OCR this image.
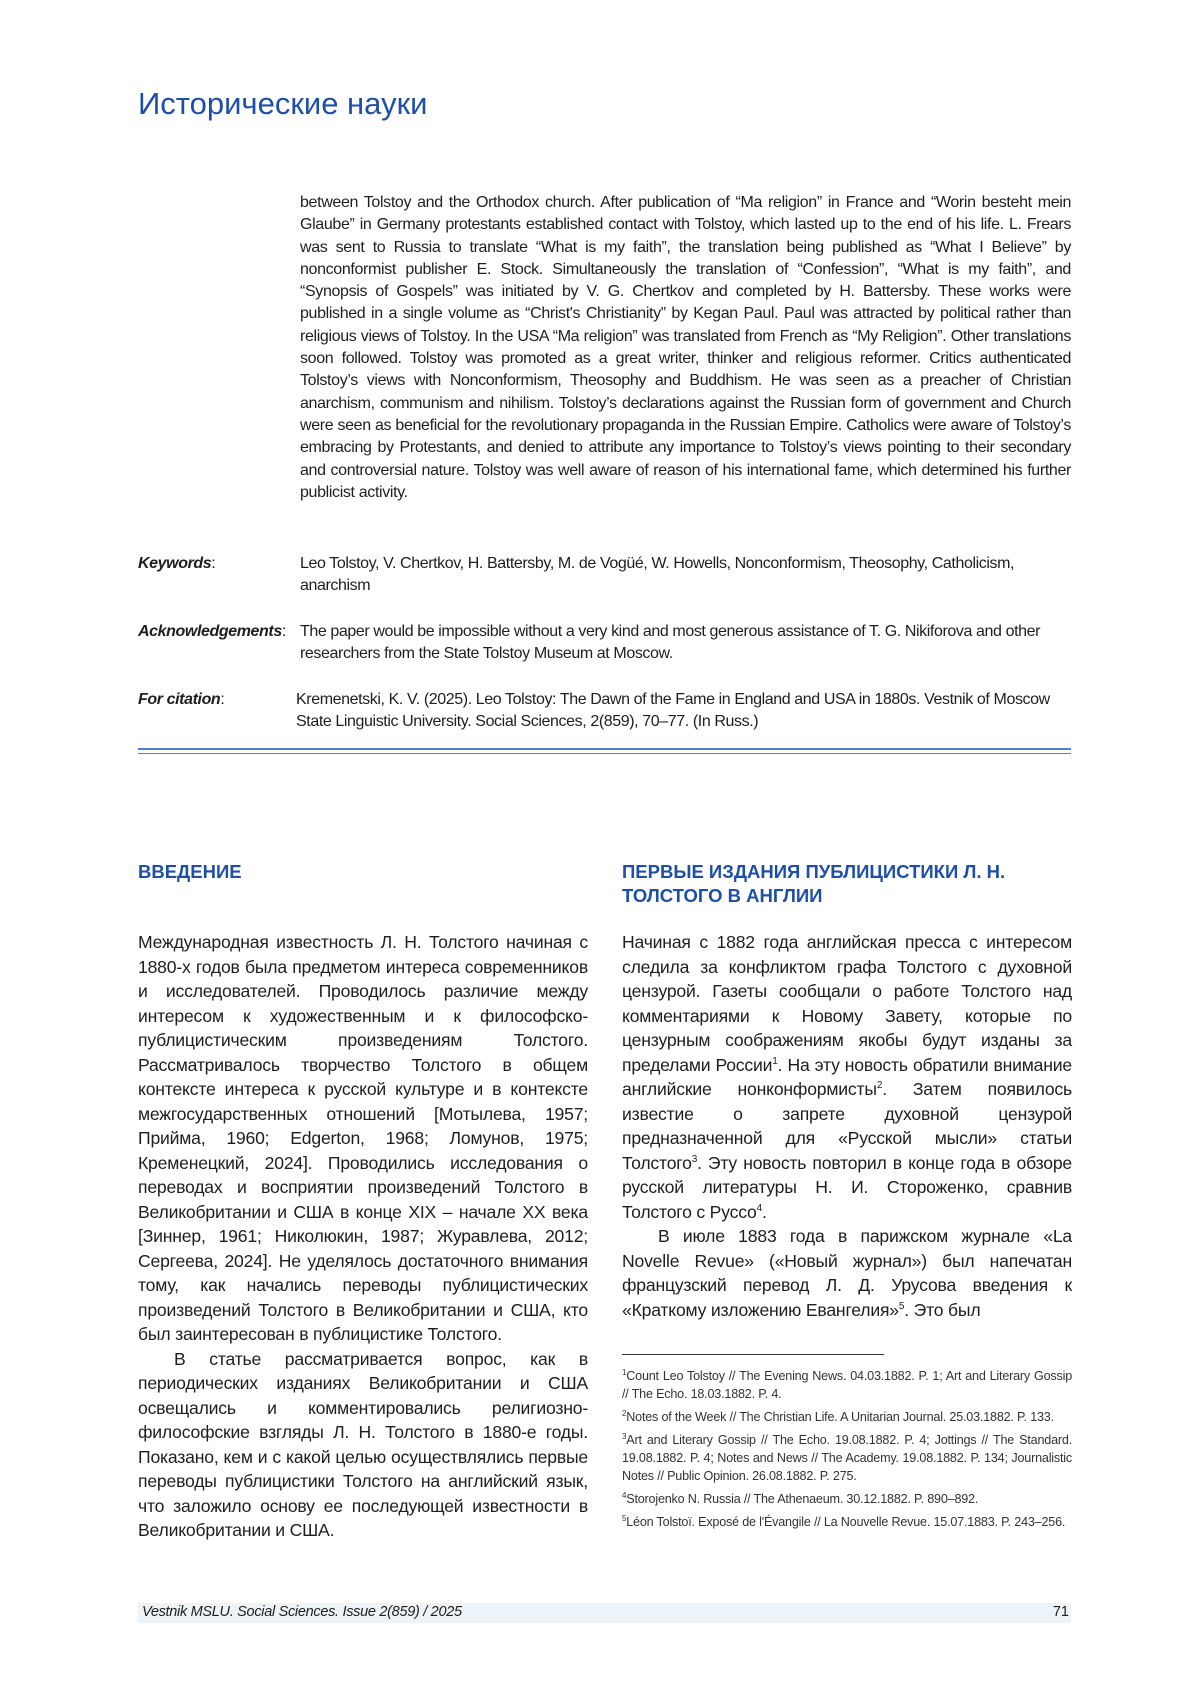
Исторические науки

between Tolstoy and the Orthodox church. After publication of “Ma religion” in France and “Worin besteht mein Glaube” in Germany protestants established contact with Tolstoy, which lasted up to the end of his life. L. Frears was sent to Russia to translate “What is my faith”, the translation being published as “What I Believe” by nonconformist publisher E. Stock. Simultaneously the translation of “Confession”, “What is my faith”, and “Synopsis of Gospels” was initiated by V. G. Chertkov and completed by H. Battersby. These works were published in a single volume as “Christ's Christianity” by Kegan Paul. Paul was attracted by political rather than religious views of Tolstoy. In the USA “Ma religion” was translated from French as “My Religion”. Other translations soon followed. Tolstoy was promoted as a great writer, thinker and religious reformer. Critics authenticated Tolstoy’s views with Nonconformism, Theosophy and Buddhism. He was seen as a preacher of Christian anarchism, communism and nihilism. Tolstoy’s declarations against the Russian form of government and Church were seen as beneficial for the revolutionary propaganda in the Russian Empire. Catholics were aware of Tolstoy’s embracing by Protestants, and denied to attribute any importance to Tolstoy’s views pointing to their secondary and controversial nature. Tolstoy was well aware of reason of his international fame, which determined his further publicist activity.

Keywords:	Leo Tolstoy, V. Chertkov, H. Battersby, M. de Vogüé, W. Howells, Nonconformism, Theosophy, Catholicism, anarchism
Acknowledgements: The paper would be impossible without a very kind and most generous assistance of T. G. Nikiforova and other researchers from the State Tolstoy Museum at Moscow.
For citation:	Kremenetski, K. V. (2025). Leo Tolstoy: The Dawn of the Fame in England and USA in 1880s. Vestnik of Moscow State Linguistic University. Social Sciences, 2(859), 70–77. (In Russ.)
ВВЕДЕНИЕ

Международная известность Л. Н. Толстого начиная с 1880-х годов была предметом интереса современников и исследователей. Проводилось различие между интересом к художественным и к философско-публицистическим произведениям Толстого. Рассматривалось творчество Толстого в общем контексте интереса к русской культуре и в контексте межгосударственных отношений [Мотылева, 1957; Прийма, 1960; Edgerton, 1968; Ломунов, 1975; Кременецкий, 2024]. Проводились исследования о переводах и восприятии произведений Толстого в Великобритании и США в конце XIX – начале XX века [Зиннер, 1961; Николюкин, 1987; Журавлева, 2012; Сергеева, 2024]. Не уделялось достаточного внимания тому, как начались переводы публицистических произведений Толстого в Великобритании и США, кто был заинтересован в публицистике Толстого.

В статье рассматривается вопрос, как в периодических изданиях Великобритании и США освещались и комментировались религиозно-философские взгляды Л. Н. Толстого в 1880-е годы. Показано, кем и с какой целью осуществлялись первые переводы публицистики Толстого на английский язык, что заложило основу ее последующей известности в Великобритании и США.

ПЕРВЫЕ ИЗДАНИЯ ПУБЛИЦИСТИКИ Л. Н. ТОЛСТОГО В АНГЛИИ

Начиная с 1882 года английская пресса с интересом следила за конфликтом графа Толстого с духовной цензурой. Газеты сообщали о работе Толстого над комментариями к Новому Завету, которые по цензурным соображениям якобы будут изданы за пределами России1. На эту новость обратили внимание английские нонконформисты2. Затем появилось известие о запрете духовной цензурой предназначенной для «Русской мысли» статьи Толстого3. Эту новость повторил в конце года в обзоре русской литературы Н. И. Стороженко, сравнив Толстого с Руссо4.

В июле 1883 года в парижском журнале «La Novelle Revue» («Новый журнал») был напечатан французский перевод Л. Д. Урусова введения к «Краткому изложению Евангелия»5. Это был

1Count Leo Tolstoy // The Evening News. 04.03.1882. P. 1; Art and Literary Gossip // The Echo. 18.03.1882. P. 4.

2Notes of the Week // The Christian Life. A Unitarian Journal. 25.03.1882. P. 133.

3Art and Literary Gossip // The Echo. 19.08.1882. P. 4; Jottings // The Standard. 19.08.1882. P. 4; Notes and News // The Academy. 19.08.1882. P. 134; Journalistic Notes // Public Opinion. 26.08.1882. P. 275.

4Storojenko N. Russia // The Athenaeum. 30.12.1882. P. 890–892.

5Léon Tolstoï. Exposé de l'Évangile // La Nouvelle Revue. 15.07.1883. P. 243–256.

Vestnik MSLU. Social Sciences. Issue 2(859) / 2025	71
